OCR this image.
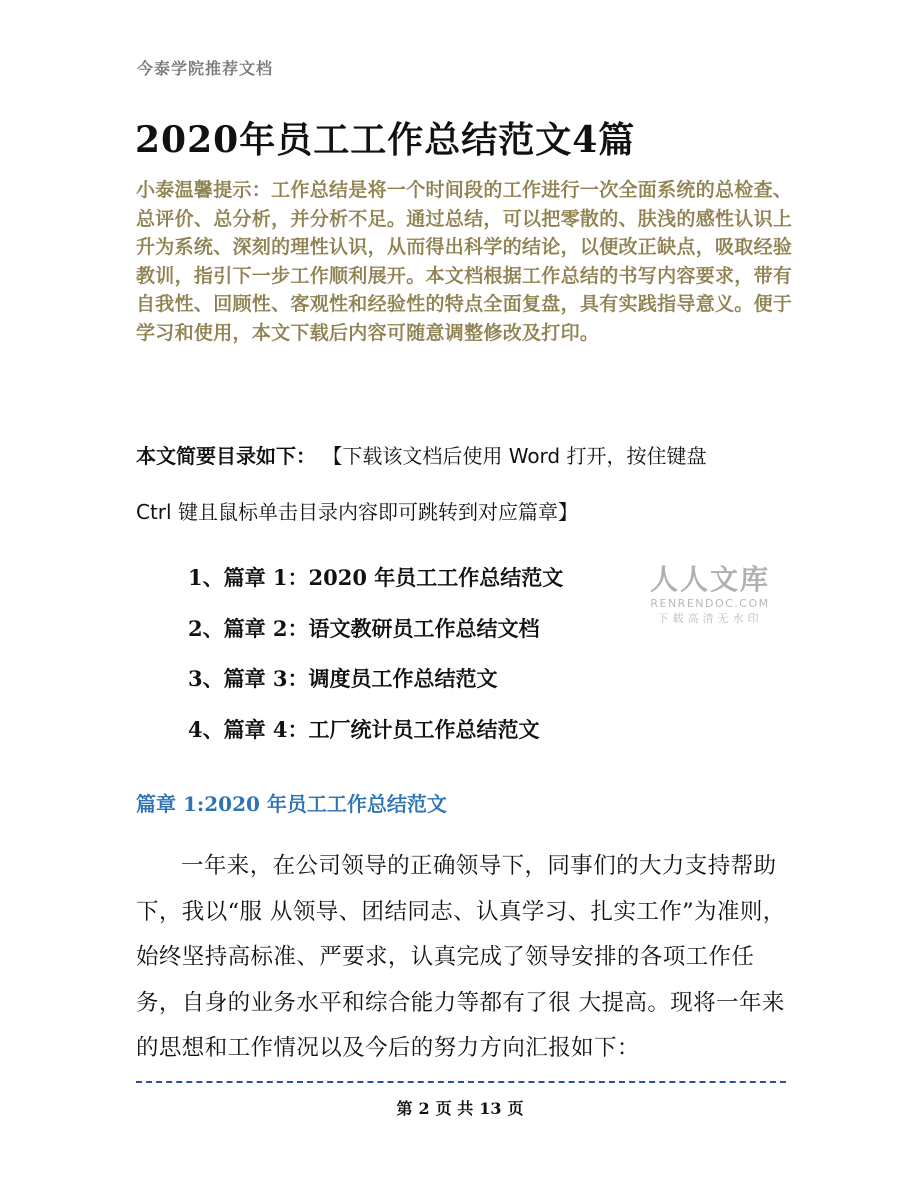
今泰学院推荐文档
2020年员工工作总结范文4篇
小泰温馨提示：工作总结是将一个时间段的工作进行一次全面系统的总检查、总评价、总分析，并分析不足。通过总结，可以把零散的、肤浅的感性认识上升为系统、深刻的理性认识，从而得出科学的结论，以便改正缺点，吸取经验教训，指引下一步工作顺利展开。本文档根据工作总结的书写内容要求，带有自我性、回顾性、客观性和经验性的特点全面复盘，具有实践指导意义。便于学习和使用，本文下载后内容可随意调整修改及打印。
本文简要目录如下： 【下载该文档后使用 Word 打开，按住键盘
Ctrl 键且鼠标单击目录内容即可跳转到对应篇章】
1、篇章 1：2020 年员工工作总结范文
2、篇章 2：语文教研员工作总结文档
3、篇章 3：调度员工作总结范文
4、篇章 4：工厂统计员工作总结范文
人人文库
RENRENDOC.COM
下载高清无水印
篇章 1:2020 年员工工作总结范文
一年来，在公司领导的正确领导下，同事们的大力支持帮助下，我以“服 从领导、团结同志、认真学习、扎实工作”为准则，始终坚持高标准、严要求，认真完成了领导安排的各项工作任务，自身的业务水平和综合能力等都有了很 大提高。现将一年来的思想和工作情况以及今后的努力方向汇报如下：
第 2 页 共 13 页
